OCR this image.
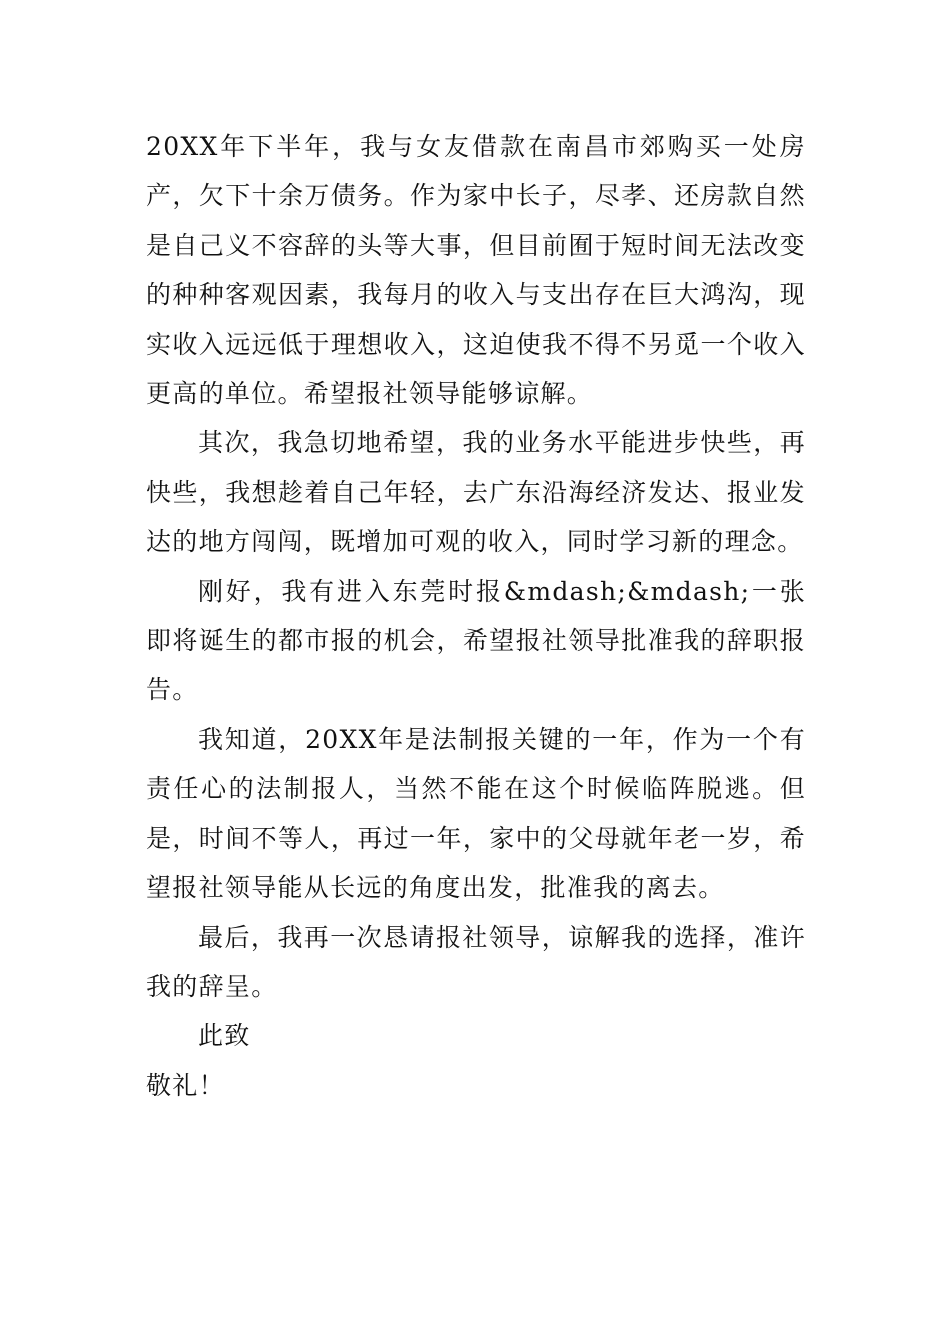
20XX年下半年，我与女友借款在南昌市郊购买一处房产，欠下十余万债务。作为家中长子，尽孝、还房款自然是自己义不容辞的头等大事，但目前囿于短时间无法改变的种种客观因素，我每月的收入与支出存在巨大鸿沟，现实收入远远低于理想收入，这迫使我不得不另觅一个收入更高的单位。希望报社领导能够谅解。

其次，我急切地希望，我的业务水平能进步快些，再快些，我想趁着自己年轻，去广东沿海经济发达、报业发达的地方闯闯，既增加可观的收入，同时学习新的理念。

刚好，我有进入东莞时报&mdash;&mdash;一张即将诞生的都市报的机会，希望报社领导批准我的辞职报告。

我知道，20XX年是法制报关键的一年，作为一个有责任心的法制报人，当然不能在这个时候临阵脱逃。但是，时间不等人，再过一年，家中的父母就年老一岁，希望报社领导能从长远的角度出发，批准我的离去。

最后，我再一次恳请报社领导，谅解我的选择，准许我的辞呈。

此致

敬礼！
